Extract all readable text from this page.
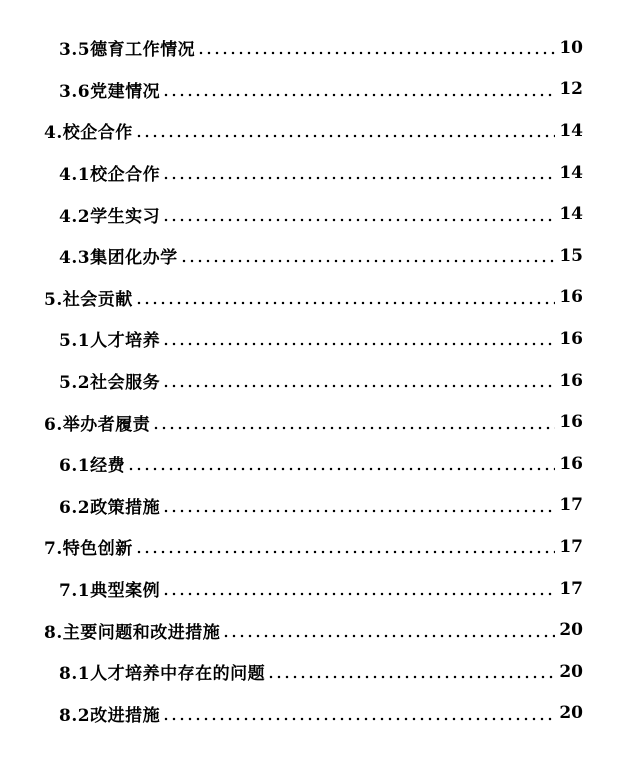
3.5德育工作情况	10
3.6党建情况	12
4.校企合作	14
4.1校企合作	14
4.2学生实习	14
4.3集团化办学	15
5.社会贡献	16
5.1人才培养	16
5.2社会服务	16
6.举办者履责	16
6.1经费	16
6.2政策措施	17
7.特色创新	17
7.1典型案例	17
8.主要问题和改进措施	20
8.1人才培养中存在的问题	20
8.2改进措施	20
